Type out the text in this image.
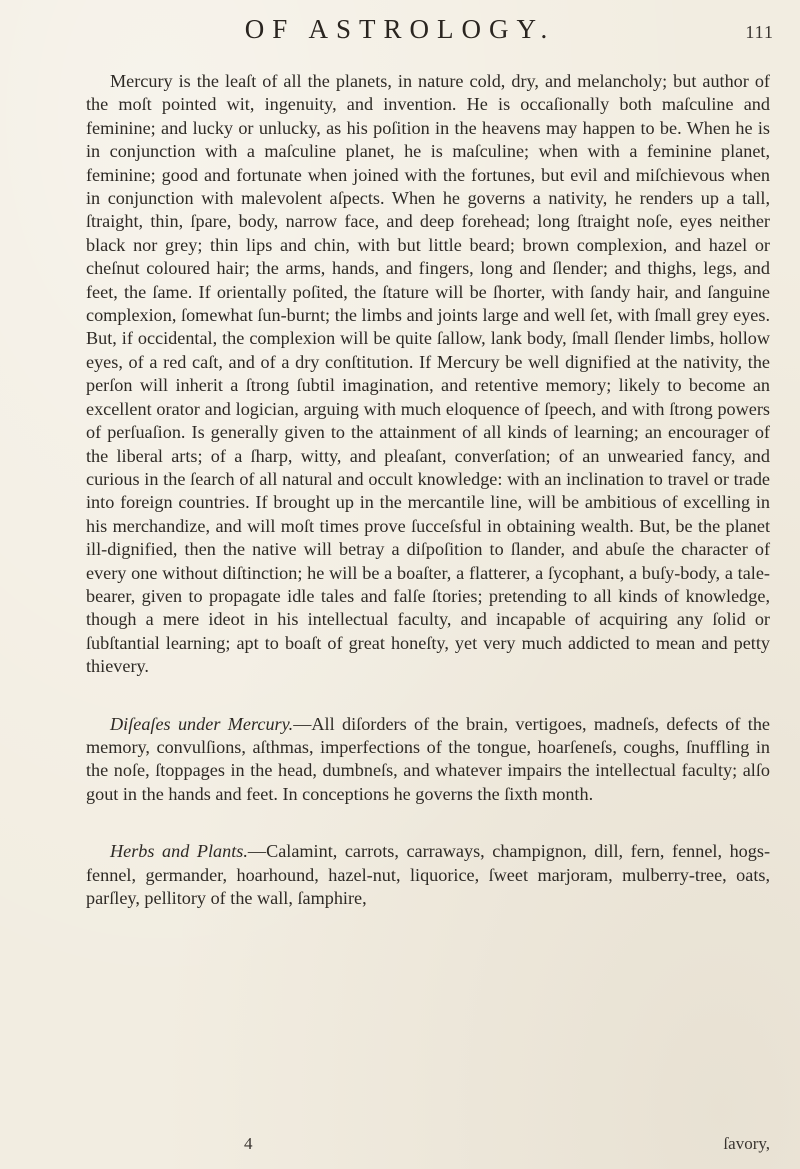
OF ASTROLOGY.	111

Mercury is the leaſt of all the planets, in nature cold, dry, and melancholy; but author of the moſt pointed wit, ingenuity, and invention. He is occaſionally both maſculine and feminine; and lucky or unlucky, as his poſition in the heavens may happen to be. When he is in conjunction with a maſculine planet, he is maſculine; when with a feminine planet, feminine; good and fortunate when joined with the fortunes, but evil and miſchievous when in conjunction with malevolent aſpects. When he governs a nativity, he renders up a tall, ſtraight, thin, ſpare, body, narrow face, and deep forehead; long ſtraight noſe, eyes neither black nor grey; thin lips and chin, with but little beard; brown complexion, and hazel or cheſnut coloured hair; the arms, hands, and fingers, long and ſlender; and thighs, legs, and feet, the ſame. If orientally poſited, the ſtature will be ſhorter, with ſandy hair, and ſanguine complexion, ſomewhat ſun-burnt; the limbs and joints large and well ſet, with ſmall grey eyes. But, if occidental, the complexion will be quite ſallow, lank body, ſmall ſlender limbs, hollow eyes, of a red caſt, and of a dry conſtitution. If Mercury be well dignified at the nativity, the perſon will inherit a ſtrong ſubtil imagination, and retentive memory; likely to become an excellent orator and logician, arguing with much eloquence of ſpeech, and with ſtrong powers of perſuaſion. Is generally given to the attainment of all kinds of learning; an encourager of the liberal arts; of a ſharp, witty, and pleaſant, converſation; of an unwearied fancy, and curious in the ſearch of all natural and occult knowledge: with an inclination to travel or trade into foreign countries. If brought up in the mercantile line, will be ambitious of excelling in his merchandize, and will moſt times prove ſucceſsful in obtaining wealth. But, be the planet ill-dignified, then the native will betray a diſpoſition to ſlander, and abuſe the character of every one without diſtinction; he will be a boaſter, a flatterer, a ſycophant, a buſy-body, a tale-bearer, given to propagate idle tales and falſe ſtories; pretending to all kinds of knowledge, though a mere ideot in his intellectual faculty, and incapable of acquiring any ſolid or ſubſtantial learning; apt to boaſt of great honeſty, yet very much addicted to mean and petty thievery.

Diſeaſes under Mercury.—All diſorders of the brain, vertigoes, madneſs, defects of the memory, convulſions, aſthmas, imperfections of the tongue, hoarſeneſs, coughs, ſnuffling in the noſe, ſtoppages in the head, dumbneſs, and whatever impairs the intellectual faculty; alſo gout in the hands and feet. In conceptions he governs the ſixth month.

Herbs and Plants.—Calamint, carrots, carraways, champignon, dill, fern, fennel, hogs-fennel, germander, hoarhound, hazel-nut, liquorice, ſweet marjoram, mulberry-tree, oats, parſley, pellitory of the wall, ſamphire,

4	ſavory,
